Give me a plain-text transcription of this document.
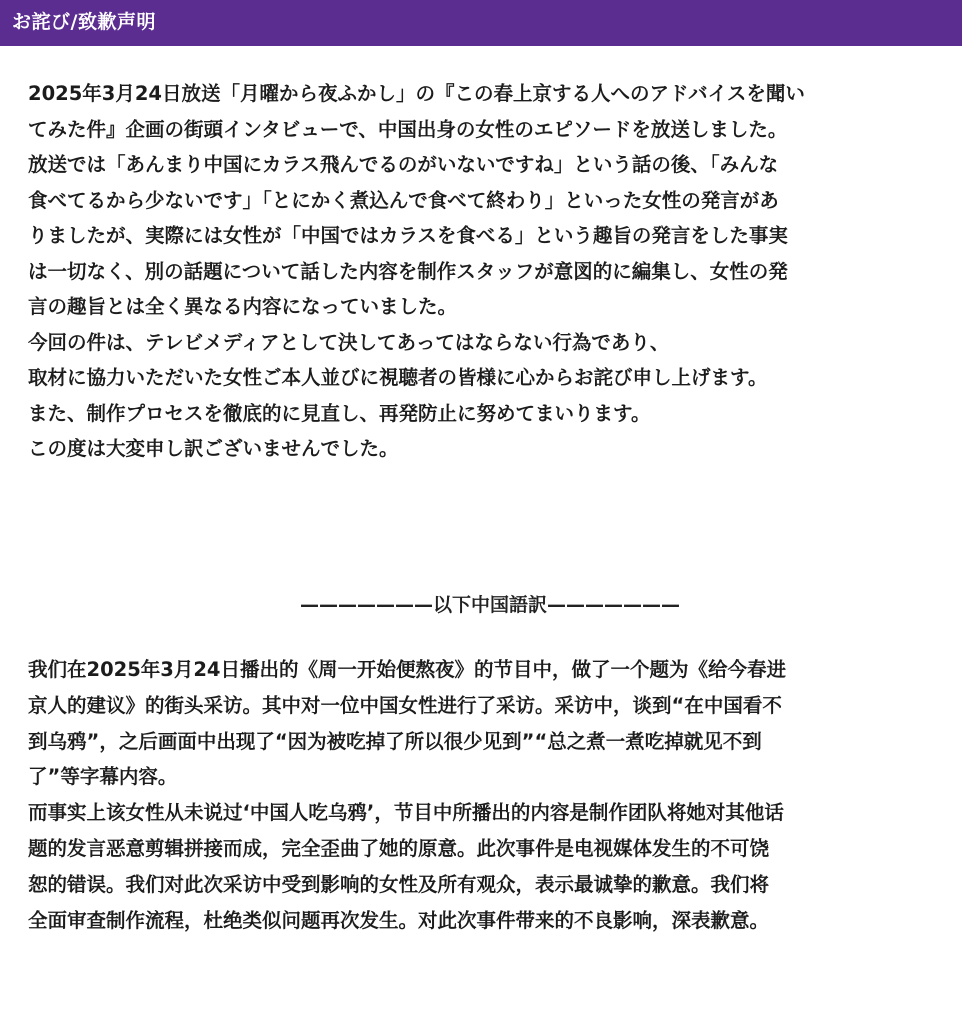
お詫び/致歉声明
2025年3月24日放送「月曜から夜ふかし」の『この春上京する人へのアドバイスを聞い
てみた件』企画の街頭インタビューで、中国出身の女性のエピソードを放送しました。
放送では「あんまり中国にカラス飛んでるのがいないですね」という話の後、「みんな
食べてるから少ないです」「とにかく煮込んで食べて終わり」といった女性の発言があ
りましたが、実際には女性が「中国ではカラスを食べる」という趣旨の発言をした事実
は一切なく、別の話題について話した内容を制作スタッフが意図的に編集し、女性の発
言の趣旨とは全く異なる内容になっていました。
今回の件は、テレビメディアとして決してあってはならない行為であり、
取材に協力いただいた女性ご本人並びに視聴者の皆様に心からお詫び申し上げます。
また、制作プロセスを徹底的に見直し、再発防止に努めてまいります。
この度は大変申し訳ございませんでした。
———————以下中国語訳———————
我们在2025年3月24日播出的《周一开始便熬夜》的节目中，做了一个题为《给今春进
京人的建议》的街头采访。其中对一位中国女性进行了采访。采访中，谈到“在中国看不
到乌鸦”，之后画面中出现了“因为被吃掉了所以很少见到”“总之煮一煮吃掉就见不到
了”等字幕内容。
而事实上该女性从未说过‘中国人吃乌鸦’，节目中所播出的内容是制作团队将她对其他话
题的发言恶意剪辑拼接而成，完全歪曲了她的原意。此次事件是电视媒体发生的不可饶
恕的错误。我们对此次采访中受到影响的女性及所有观众，表示最诚挚的歉意。我们将
全面审查制作流程，杜绝类似问题再次发生。对此次事件带来的不良影响，深表歉意。
